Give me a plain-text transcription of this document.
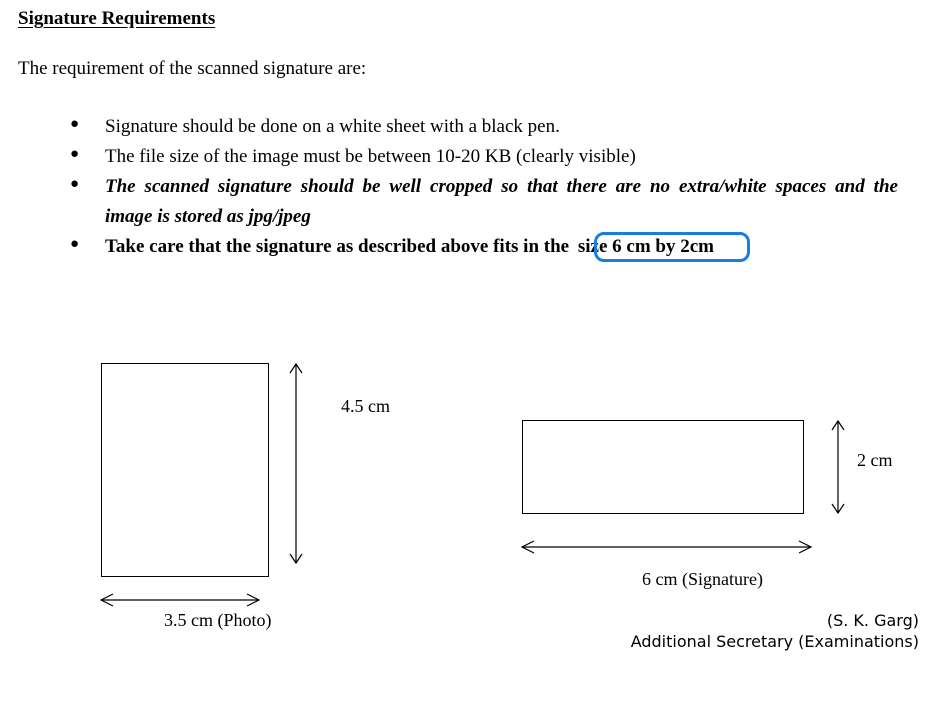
Signature Requirements
The requirement of the scanned signature are:
● Signature should be done on a white sheet with a black pen.
● The file size of the image must be between 10-20 KB (clearly visible)
● The scanned signature should be well cropped so that there are no extra/white spaces and the
image is stored as jpg/jpeg
● Take care that the signature as described above fits in the size 6 cm by 2cm
4.5 cm
3.5 cm (Photo)
2 cm
6 cm (Signature)
(S. K. Garg)
Additional Secretary (Examinations)
